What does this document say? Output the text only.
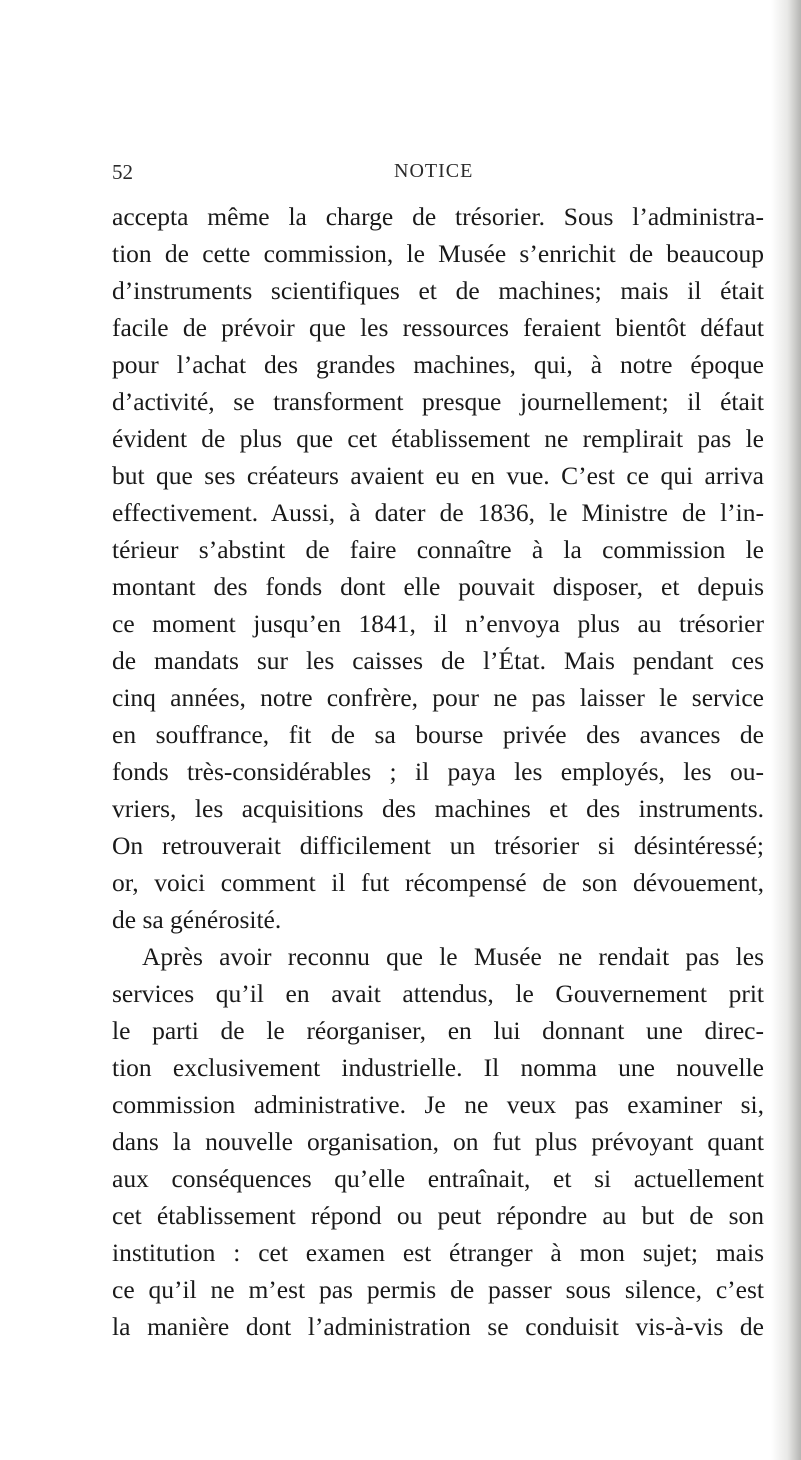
52	NOTICE
accepta même la charge de trésorier. Sous l’administra-
tion de cette commission, le Musée s’enrichit de beaucoup
d’instruments scientifiques et de machines; mais il était
facile de prévoir que les ressources feraient bientôt défaut
pour l’achat des grandes machines, qui, à notre époque
d’activité, se transforment presque journellement; il était
évident de plus que cet établissement ne remplirait pas le
but que ses créateurs avaient eu en vue. C’est ce qui arriva
effectivement. Aussi, à dater de 1836, le Ministre de l’in-
térieur s’abstint de faire connaître à la commission le
montant des fonds dont elle pouvait disposer, et depuis
ce moment jusqu’en 1841, il n’envoya plus au trésorier
de mandats sur les caisses de l’État. Mais pendant ces
cinq années, notre confrère, pour ne pas laisser le service
en souffrance, fit de sa bourse privée des avances de
fonds très-considérables ; il paya les employés, les ou-
vriers, les acquisitions des machines et des instruments.
On retrouverait difficilement un trésorier si désintéressé;
or, voici comment il fut récompensé de son dévouement,
de sa générosité.
Après avoir reconnu que le Musée ne rendait pas les
services qu’il en avait attendus, le Gouvernement prit
le parti de le réorganiser, en lui donnant une direc-
tion exclusivement industrielle. Il nomma une nouvelle
commission administrative. Je ne veux pas examiner si,
dans la nouvelle organisation, on fut plus prévoyant quant
aux conséquences qu’elle entraînait, et si actuellement
cet établissement répond ou peut répondre au but de son
institution : cet examen est étranger à mon sujet; mais
ce qu’il ne m’est pas permis de passer sous silence, c’est
la manière dont l’administration se conduisit vis-à-vis de
